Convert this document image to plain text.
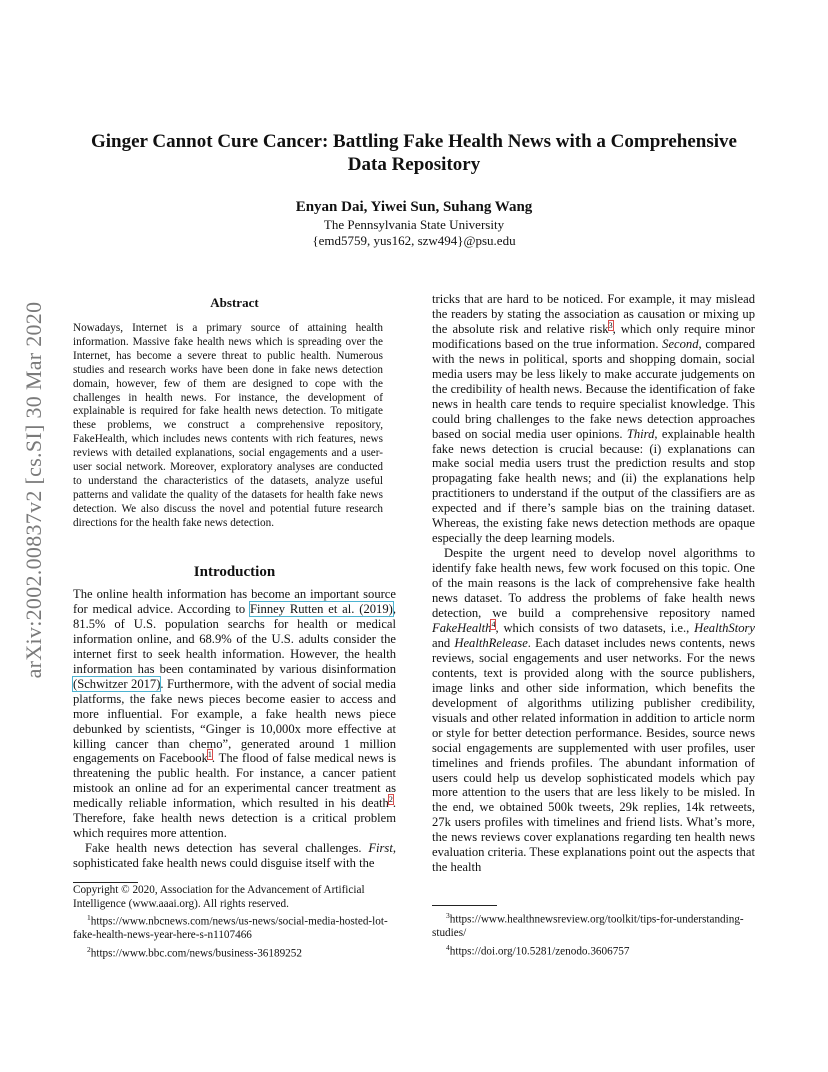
arXiv:2002.00837v2 [cs.SI] 30 Mar 2020
Ginger Cannot Cure Cancer: Battling Fake Health News with a Comprehensive
Data Repository
Enyan Dai, Yiwei Sun, Suhang Wang
The Pennsylvania State University
{emd5759, yus162, szw494}@psu.edu
Abstract
Nowadays, Internet is a primary source of attaining health information. Massive fake health news which is spreading over the Internet, has become a severe threat to public health. Numerous studies and research works have been done in fake news detection domain, however, few of them are designed to cope with the challenges in health news. For instance, the development of explainable is required for fake health news detection. To mitigate these problems, we construct a comprehensive repository, FakeHealth, which includes news contents with rich features, news reviews with detailed explanations, social engagements and a user-user social network. Moreover, exploratory analyses are conducted to understand the characteristics of the datasets, analyze useful patterns and validate the quality of the datasets for health fake news detection. We also discuss the novel and potential future research directions for the health fake news detection.
Introduction

The online health information has become an important source for medical advice. According to Finney Rutten et al. (2019), 81.5% of U.S. population searchs for health or medical information online, and 68.9% of the U.S. adults consider the internet first to seek health information. However, the health information has been contaminated by various disinformation (Schwitzer 2017). Furthermore, with the advent of social media platforms, the fake news pieces become easier to access and more influential. For example, a fake health news piece debunked by scientists, “Ginger is 10,000x more effective at killing cancer than chemo”, generated around 1 million engagements on Facebook$^1$. The flood of false medical news is threatening the public health. For instance, a cancer patient mistook an online ad for an experimental cancer treatment as medically reliable information, which resulted in his death$^2$. Therefore, fake health news detection is a critical problem which requires more attention.

Fake health news detection has several challenges. First, sophisticated fake health news could disguise itself with the

Copyright © 2020, Association for the Advancement of Artificial Intelligence (www.aaai.org). All rights reserved.

$^1$https://www.nbcnews.com/news/us-news/social-media-hosted-lot-fake-health-news-year-here-s-n1107466

$^2$https://www.bbc.com/news/business-36189252

tricks that are hard to be noticed. For example, it may mislead the readers by stating the association as causation or mixing up the absolute risk and relative risk$^3$, which only require minor modifications based on the true information. Second, compared with the news in political, sports and shopping domain, social media users may be less likely to make accurate judgements on the credibility of health news. Because the identification of fake news in health care tends to require specialist knowledge. This could bring challenges to the fake news detection approaches based on social media user opinions. Third, explainable health fake news detection is crucial because: (i) explanations can make social media users trust the prediction results and stop propagating fake health news; and (ii) the explanations help practitioners to understand if the output of the classifiers are as expected and if there’s sample bias on the training dataset. Whereas, the existing fake news detection methods are opaque especially the deep learning models.

Despite the urgent need to develop novel algorithms to identify fake health news, few work focused on this topic. One of the main reasons is the lack of comprehensive fake health news dataset. To address the problems of fake health news detection, we build a comprehensive repository named FakeHealth$^4$, which consists of two datasets, i.e., HealthStory and HealthRelease. Each dataset includes news contents, news reviews, social engagements and user networks. For the news contents, text is provided along with the source publishers, image links and other side information, which benefits the development of algorithms utilizing publisher credibility, visuals and other related information in addition to article norm or style for better detection performance. Besides, source news social engagements are supplemented with user profiles, user timelines and friends profiles. The abundant information of users could help us develop sophisticated models which pay more attention to the users that are less likely to be misled. In the end, we obtained 500k tweets, 29k replies, 14k retweets, 27k users profiles with timelines and friend lists. What’s more, the news reviews cover explanations regarding ten health news evaluation criteria. These explanations point out the aspects that the health

$^3$https://www.healthnewsreview.org/toolkit/tips-for-understanding-studies/

$^4$https://doi.org/10.5281/zenodo.3606757
